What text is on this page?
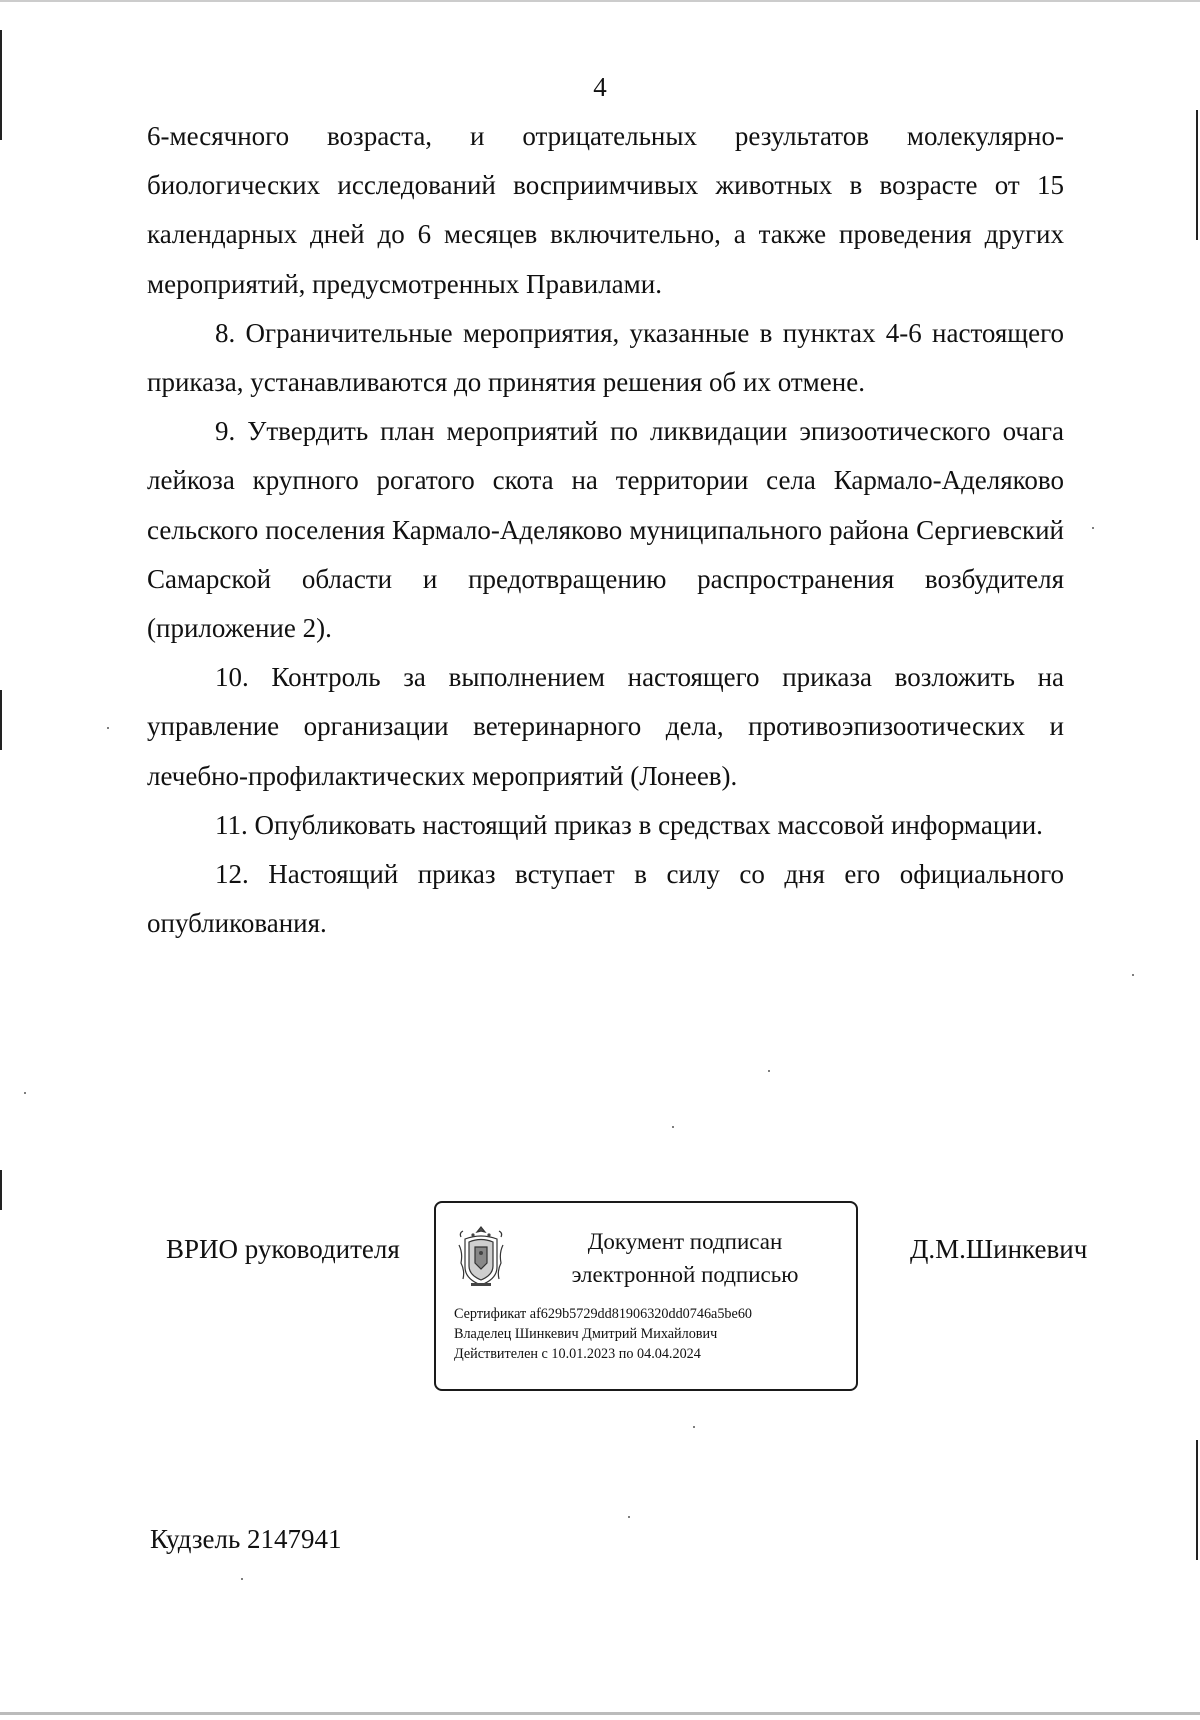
4

6-месячного возраста, и отрицательных результатов молекулярно-биологических исследований восприимчивых животных в возрасте от 15 календарных дней до 6 месяцев включительно, а также проведения других мероприятий, предусмотренных Правилами.

8. Ограничительные мероприятия, указанные в пунктах 4-6 настоящего приказа, устанавливаются до принятия решения об их отмене.

9. Утвердить план мероприятий по ликвидации эпизоотического очага лейкоза крупного рогатого скота на территории села Кармало-Аделяково сельского поселения Кармало-Аделяково муниципального района Сергиевский Самарской области и предотвращению распространения возбудителя (приложение 2).

10. Контроль за выполнением настоящего приказа возложить на управление организации ветеринарного дела, противоэпизоотических и лечебно-профилактических мероприятий (Лонеев).

11. Опубликовать настоящий приказ в средствах массовой информации.

12. Настоящий приказ вступает в силу со дня его официального опубликования.

ВРИО руководителя	Документ подписан
электронной подписью
Сертификат af629b5729dd81906320dd0746a5be60
Владелец Шинкевич Дмитрий Михайлович
Действителен с 10.01.2023 по 04.04.2024
Д.М.Шинкевич
Кудзель 2147941
